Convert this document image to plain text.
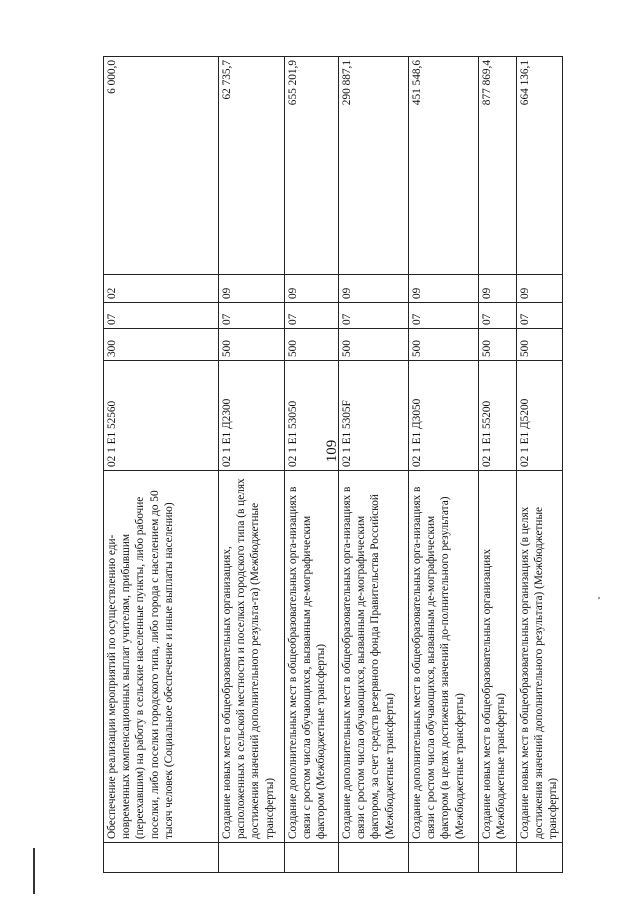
109
	Обеспечение реализации мероприятий по осуществлению еди-новременных компенсационных выплат учителям, прибывшим (переехавшим) на работу в сельские населенные пункты, либо рабочие поселки, либо поселки городского типа, либо города с населением до 50 тысяч человек (Социальное обеспечение и иные выплаты населению)	02 1 E1 52560	300	07	02	6 000,0
	Создание новых мест в общеобразовательных организациях, расположенных в сельской местности и поселках городского типа (в целях достижения значений дополнительного результа-та) (Межбюджетные трансферты)	02 1 E1 Д2300	500	07	09	62 735,7
	Создание дополнительных мест в общеобразовательных орга-низациях в связи с ростом числа обучающихся, вызванным де-мографическим фактором (Межбюджетные трансферты)	02 1 E1 53050	500	07	09	655 201,9
	Создание дополнительных мест в общеобразовательных орга-низациях в связи с ростом числа обучающихся, вызванным де-мографическим фактором, за счет средств резервного фонда Правительства Российской (Межбюджетные трансферты)	02 1 E1 5305F	500	07	09	290 887,1
	Создание дополнительных мест в общеобразовательных орга-низациях в связи с ростом числа обучающихся, вызванным де-мографическим фактором (в целях достижения значений до-полнительного результата) (Межбюджетные трансферты)	02 1 E1 Д3050	500	07	09	451 548,6
	Создание новых мест в общеобразовательных организациях (Межбюджетные трансферты)	02 1 E1 55200	500	07	09	877 869,4
	Создание новых мест в общеобразовательных организациях (в целях достижения значений дополнительного результата) (Межбюджетные трансферты)	02 1 E1 Д5200	500	07	09	664 136,1
